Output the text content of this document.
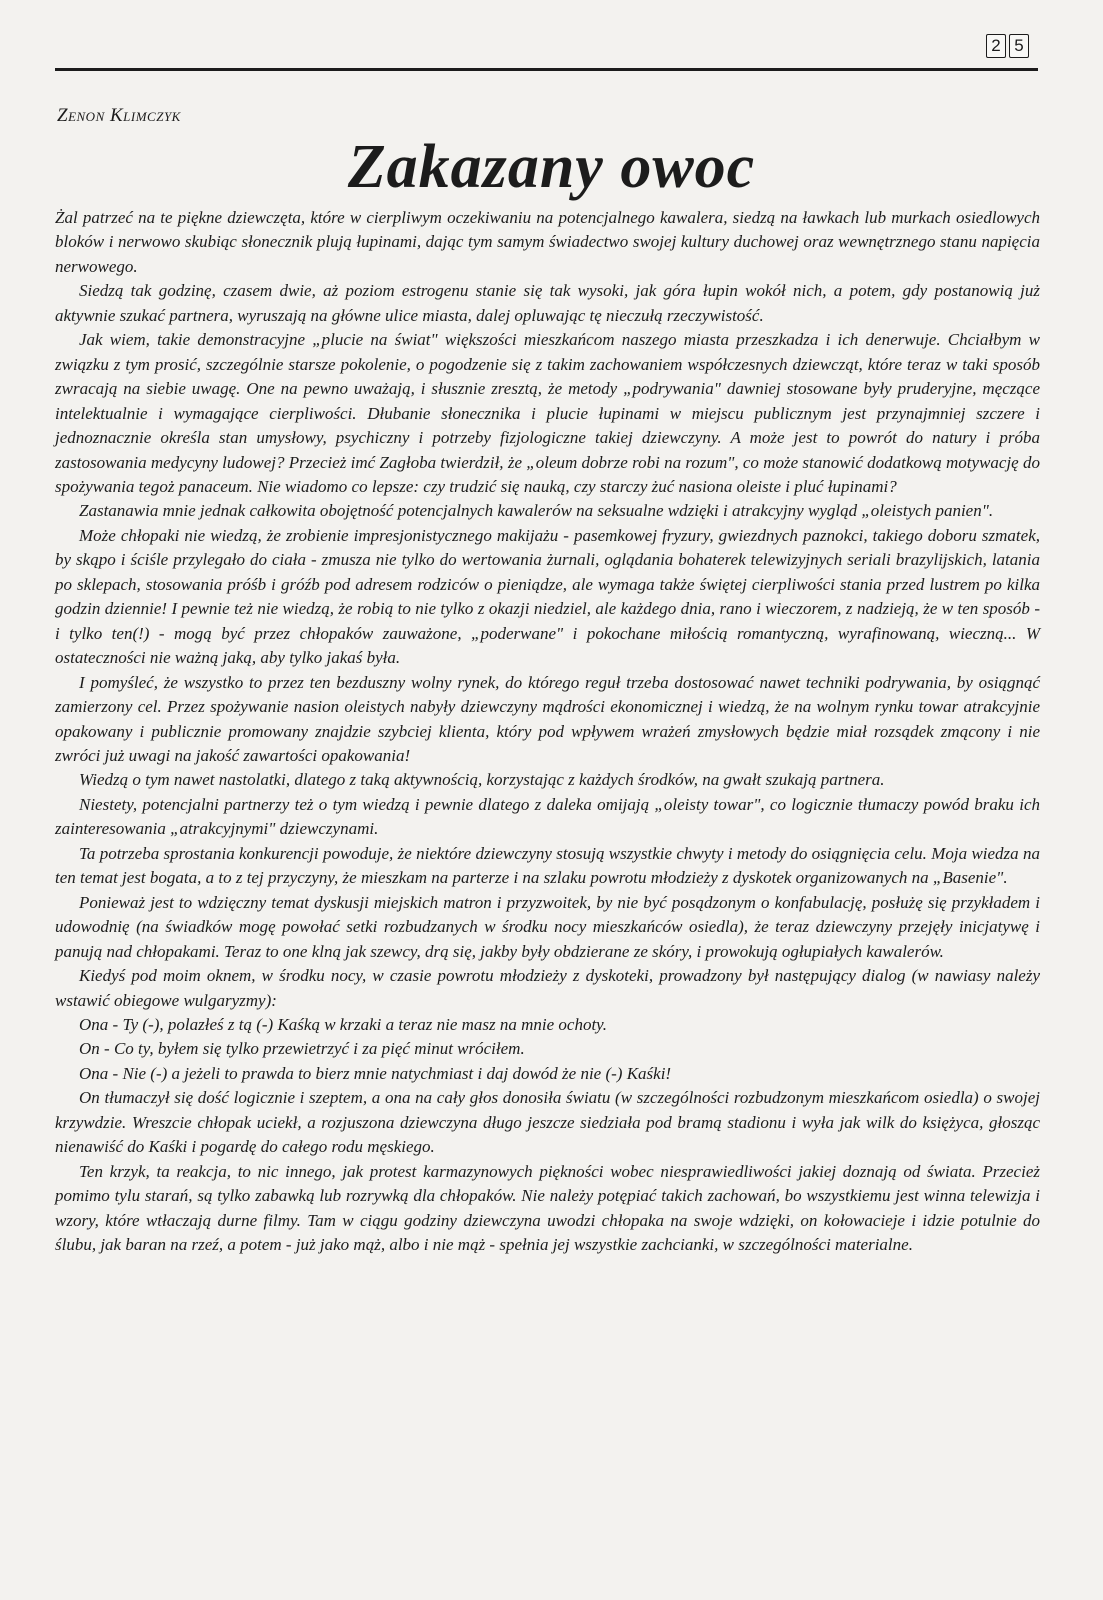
2 5
Zenon Klimczyk
Zakazany owoc

Żal patrzeć na te piękne dziewczęta, które w cierpliwym oczekiwaniu na potencjalnego kawalera, siedzą na ławkach lub murkach osiedlowych bloków i nerwowo skubiąc słonecznik plują łupinami, dając tym samym świadectwo swojej kultury duchowej oraz wewnętrznego stanu napięcia nerwowego.

Siedzą tak godzinę, czasem dwie, aż poziom estrogenu stanie się tak wysoki, jak góra łupin wokół nich, a potem, gdy postanowią już aktywnie szukać partnera, wyruszają na główne ulice miasta, dalej opluwając tę nieczułą rzeczywistość.

Jak wiem, takie demonstracyjne „plucie na świat" większości mieszkańcom naszego miasta przeszkadza i ich denerwuje. Chciałbym w związku z tym prosić, szczególnie starsze pokolenie, o pogodzenie się z takim zachowaniem współczesnych dziewcząt, które teraz w taki sposób zwracają na siebie uwagę. One na pewno uważają, i słusznie zresztą, że metody „podrywania" dawniej stosowane były pruderyjne, męczące intelektualnie i wymagające cierpliwości. Dłubanie słonecznika i plucie łupinami w miejscu publicznym jest przynajmniej szczere i jednoznacznie określa stan umysłowy, psychiczny i potrzeby fizjologiczne takiej dziewczyny. A może jest to powrót do natury i próba zastosowania medycyny ludowej? Przecież imć Zagłoba twierdził, że „oleum dobrze robi na rozum", co może stanowić dodatkową motywację do spożywania tegoż panaceum. Nie wiadomo co lepsze: czy trudzić się nauką, czy starczy żuć nasiona oleiste i pluć łupinami?

Zastanawia mnie jednak całkowita obojętność potencjalnych kawalerów na seksualne wdzięki i atrakcyjny wygląd „oleistych panien".

Może chłopaki nie wiedzą, że zrobienie impresjonistycznego makijażu - pasemkowej fryzury, gwiezdnych paznokci, takiego doboru szmatek, by skąpo i ściśle przylegało do ciała - zmusza nie tylko do wertowania żurnali, oglądania bohaterek telewizyjnych seriali brazylijskich, latania po sklepach, stosowania próśb i gróźb pod adresem rodziców o pieniądze, ale wymaga także świętej cierpliwości stania przed lustrem po kilka godzin dziennie! I pewnie też nie wiedzą, że robią to nie tylko z okazji niedziel, ale każdego dnia, rano i wieczorem, z nadzieją, że w ten sposób - i tylko ten(!) - mogą być przez chłopaków zauważone, „poderwane" i pokochane miłością romantyczną, wyrafinowaną, wieczną... W ostateczności nie ważną jaką, aby tylko jakaś była.

I pomyśleć, że wszystko to przez ten bezduszny wolny rynek, do którego reguł trzeba dostosować nawet techniki podrywania, by osiągnąć zamierzony cel. Przez spożywanie nasion oleistych nabyły dziewczyny mądrości ekonomicznej i wiedzą, że na wolnym rynku towar atrakcyjnie opakowany i publicznie promowany znajdzie szybciej klienta, który pod wpływem wrażeń zmysłowych będzie miał rozsądek zmącony i nie zwróci już uwagi na jakość zawartości opakowania!

Wiedzą o tym nawet nastolatki, dlatego z taką aktywnością, korzystając z każdych środków, na gwałt szukają partnera.

Niestety, potencjalni partnerzy też o tym wiedzą i pewnie dlatego z daleka omijają „oleisty towar", co logicznie tłumaczy powód braku ich zainteresowania „atrakcyjnymi" dziewczynami.

Ta potrzeba sprostania konkurencji powoduje, że niektóre dziewczyny stosują wszystkie chwyty i metody do osiągnięcia celu. Moja wiedza na ten temat jest bogata, a to z tej przyczyny, że mieszkam na parterze i na szlaku powrotu młodzieży z dyskotek organizowanych na „Basenie".

Ponieważ jest to wdzięczny temat dyskusji miejskich matron i przyzwoitek, by nie być posądzonym o konfabulację, posłużę się przykładem i udowodnię (na świadków mogę powołać setki rozbudzanych w środku nocy mieszkańców osiedla), że teraz dziewczyny przejęły inicjatywę i panują nad chłopakami. Teraz to one klną jak szewcy, drą się, jakby były obdzierane ze skóry, i prowokują ogłupiałych kawalerów.

Kiedyś pod moim oknem, w środku nocy, w czasie powrotu młodzieży z dyskoteki, prowadzony był następujący dialog (w nawiasy należy wstawić obiegowe wulgaryzmy):

Ona - Ty (-), polazłeś z tą (-) Kaśką w krzaki a teraz nie masz na mnie ochoty.

On - Co ty, byłem się tylko przewietrzyć i za pięć minut wróciłem.

Ona - Nie (-) a jeżeli to prawda to bierz mnie natychmiast i daj dowód że nie (-) Kaśki!

On tłumaczył się dość logicznie i szeptem, a ona na cały głos donosiła światu (w szczególności rozbudzonym mieszkańcom osiedla) o swojej krzywdzie. Wreszcie chłopak uciekł, a rozjuszona dziewczyna długo jeszcze siedziała pod bramą stadionu i wyła jak wilk do księżyca, głosząc nienawiść do Kaśki i pogardę do całego rodu męskiego.

Ten krzyk, ta reakcja, to nic innego, jak protest karmazynowych piękności wobec niesprawiedliwości jakiej doznają od świata. Przecież pomimo tylu starań, są tylko zabawką lub rozrywką dla chłopaków. Nie należy potępiać takich zachowań, bo wszystkiemu jest winna telewizja i wzory, które wtłaczają durne filmy. Tam w ciągu godziny dziewczyna uwodzi chłopaka na swoje wdzięki, on kołowacieje i idzie potulnie do ślubu, jak baran na rzeź, a potem - już jako mąż, albo i nie mąż - spełnia jej wszystkie zachcianki, w szczególności materialne.
